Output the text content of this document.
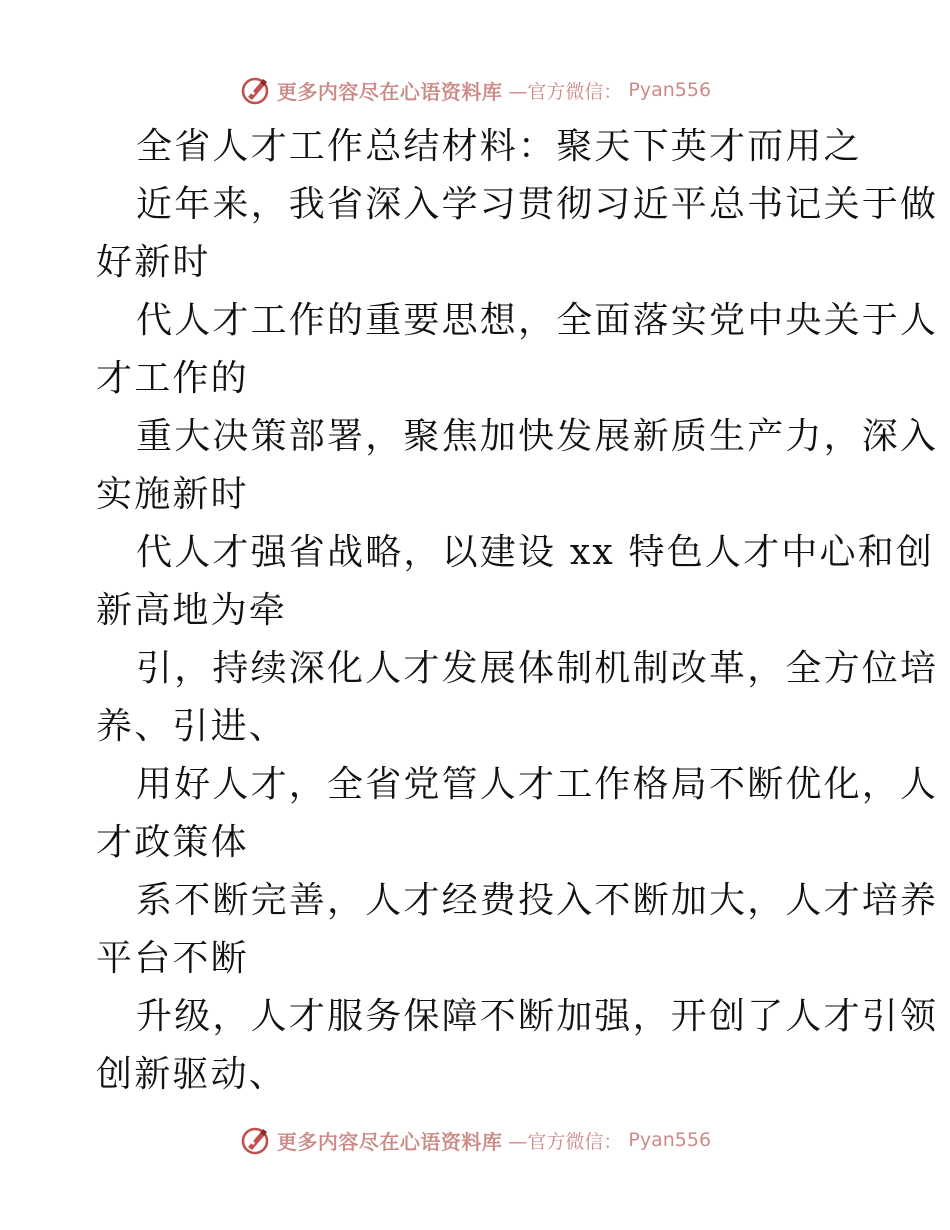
更多内容尽在心语资料库 —官方微信： Pyan556
全省人才工作总结材料：聚天下英才而用之
近年来，我省深入学习贯彻习近平总书记关于做
好新时
代人才工作的重要思想，全面落实党中央关于人
才工作的
重大决策部署，聚焦加快发展新质生产力，深入
实施新时
代人才强省战略，以建设 xx 特色人才中心和创
新高地为牵
引，持续深化人才发展体制机制改革，全方位培
养、引进、
用好人才，全省党管人才工作格局不断优化，人
才政策体
系不断完善，人才经费投入不断加大，人才培养
平台不断
升级，人才服务保障不断加强，开创了人才引领
创新驱动、
更多内容尽在心语资料库 —官方微信： Pyan556
